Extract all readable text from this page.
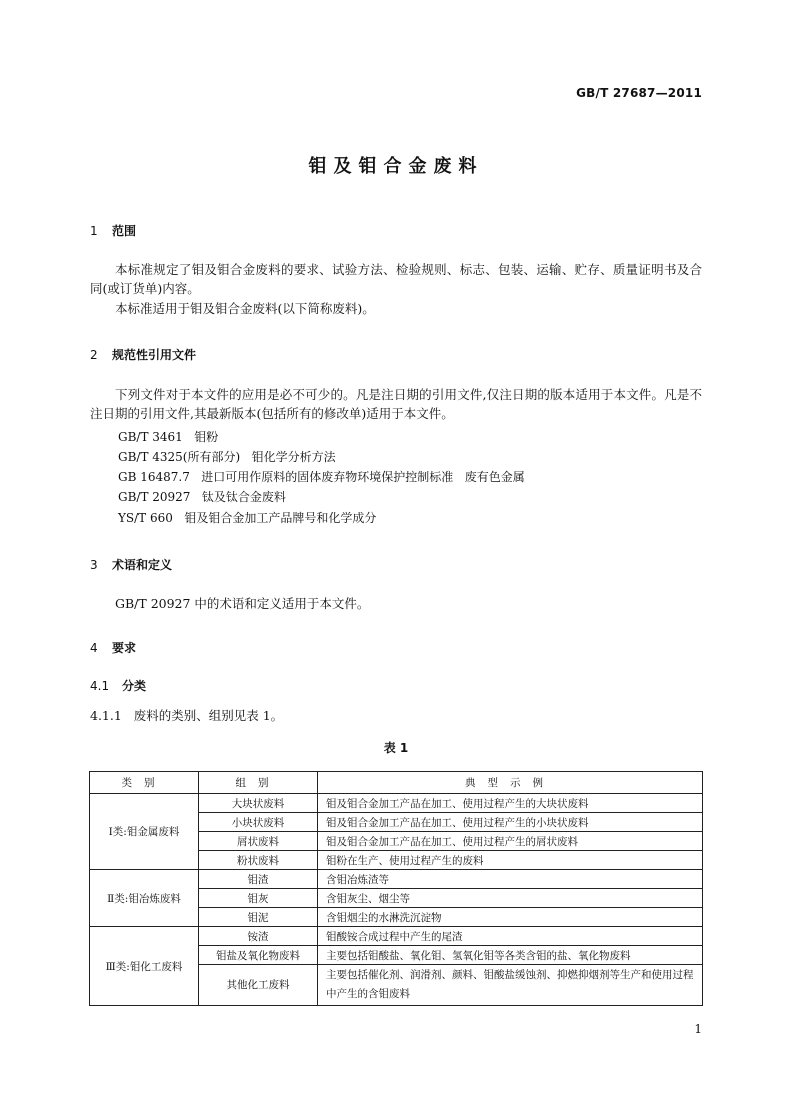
GB/T 27687—2011
钼及钼合金废料
1 范围
本标准规定了钼及钼合金废料的要求、试验方法、检验规则、标志、包装、运输、贮存、质量证明书及合同(或订货单)内容。
本标准适用于钼及钼合金废料(以下简称废料)。
2 规范性引用文件
下列文件对于本文件的应用是必不可少的。凡是注日期的引用文件,仅注日期的版本适用于本文件。凡是不注日期的引用文件,其最新版本(包括所有的修改单)适用于本文件。
GB/T 3461   钼粉
GB/T 4325(所有部分)   钼化学分析方法
GB 16487.7   进口可用作原料的固体废弃物环境保护控制标准   废有色金属
GB/T 20927   钛及钛合金废料
YS/T 660   钼及钼合金加工产品牌号和化学成分
3 术语和定义
GB/T 20927 中的术语和定义适用于本文件。
4 要求
4.1 分类
4.1.1   废料的类别、组别见表 1。
表 1
类别	组别	典型示例
Ⅰ类:钼金属废料	大块状废料	钼及钼合金加工产品在加工、使用过程产生的大块状废料
	小块状废料	钼及钼合金加工产品在加工、使用过程产生的小块状废料
	屑状废料	钼及钼合金加工产品在加工、使用过程产生的屑状废料
	粉状废料	钼粉在生产、使用过程产生的废料
Ⅱ类:钼冶炼废料	钼渣	含钼冶炼渣等
	钼灰	含钼灰尘、烟尘等
	钼泥	含钼烟尘的水淋洗沉淀物
Ⅲ类:钼化工废料	铵渣	钼酸铵合成过程中产生的尾渣
	钼盐及氧化物废料	主要包括钼酸盐、氧化钼、氢氧化钼等各类含钼的盐、氧化物废料
	其他化工废料	主要包括催化剂、润滑剂、颜料、钼酸盐缓蚀剂、抑燃抑烟剂等生产和使用过程中产生的含钼废料
1
